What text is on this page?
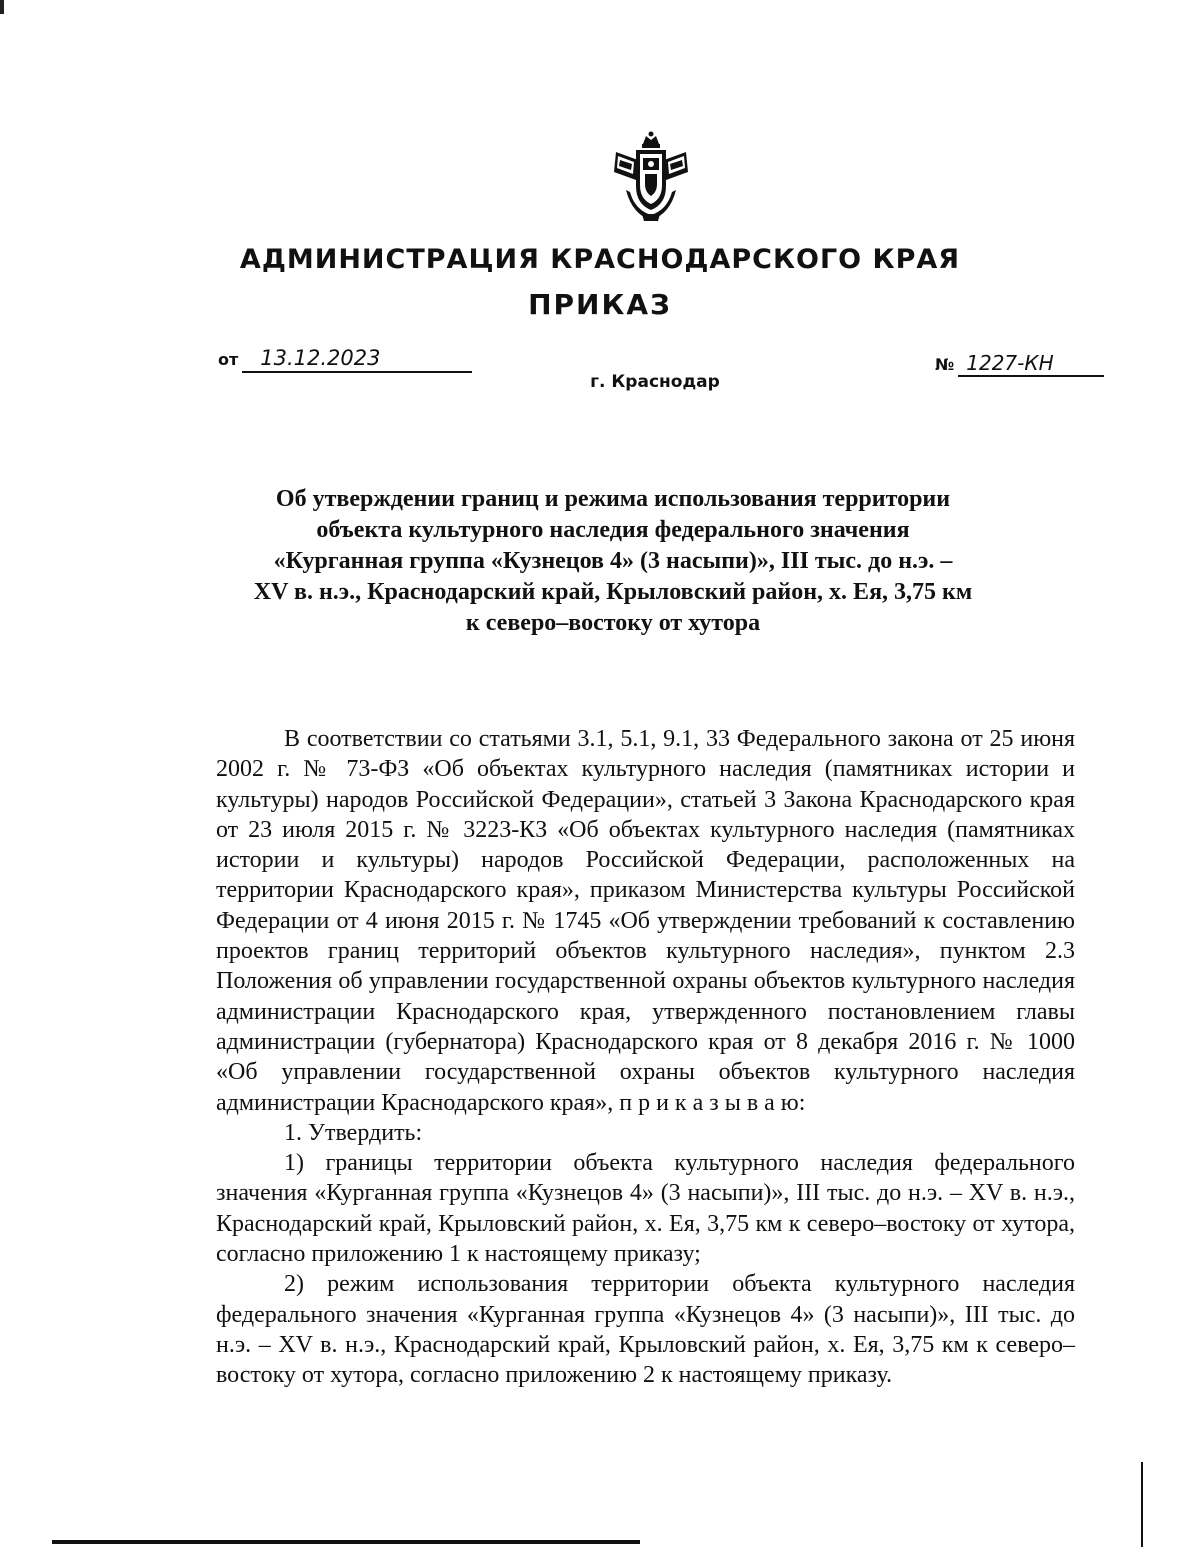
АДМИНИСТРАЦИЯ КРАСНОДАРСКОГО КРАЯ
ПРИКАЗ
от 13.12.2023	№ 1227-КН
г. Краснодар
Об утверждении границ и режима использования территории
объекта культурного наследия федерального значения
«Курганная группа «Кузнецов 4» (3 насыпи)», III тыс. до н.э. –
XV в. н.э., Краснодарский край, Крыловский район, х. Ея, 3,75 км
к северо–востоку от хутора

В соответствии со статьями 3.1, 5.1, 9.1, 33 Федерального закона от 25 июня 2002 г. № 73-ФЗ «Об объектах культурного наследия (памятниках истории и культуры) народов Российской Федерации», статьей 3 Закона Краснодарского края от 23 июля 2015 г. № 3223-КЗ «Об объектах культурного наследия (памятниках истории и культуры) народов Российской Федерации, расположенных на территории Краснодарского края», приказом Министерства культуры Российской Федерации от 4 июня 2015 г. № 1745 «Об утверждении требований к составлению проектов границ территорий объектов культурного наследия», пунктом 2.3 Положения об управлении государственной охраны объектов культурного наследия администрации Краснодарского края, утвержденного постановлением главы администрации (губернатора) Краснодарского края от 8 декабря 2016 г. № 1000 «Об управлении государственной охраны объектов культурного наследия администрации Краснодарского края», п р и к а з ы в а ю:

1. Утвердить:

1) границы территории объекта культурного наследия федерального значения «Курганная группа «Кузнецов 4» (3 насыпи)», III тыс. до н.э. – XV в. н.э., Краснодарский край, Крыловский район, х. Ея, 3,75 км к северо–востоку от хутора, согласно приложению 1 к настоящему приказу;

2) режим использования территории объекта культурного наследия федерального значения «Курганная группа «Кузнецов 4» (3 насыпи)», III тыс. до н.э. – XV в. н.э., Краснодарский край, Крыловский район, х. Ея, 3,75 км к северо–востоку от хутора, согласно приложению 2 к настоящему приказу.
